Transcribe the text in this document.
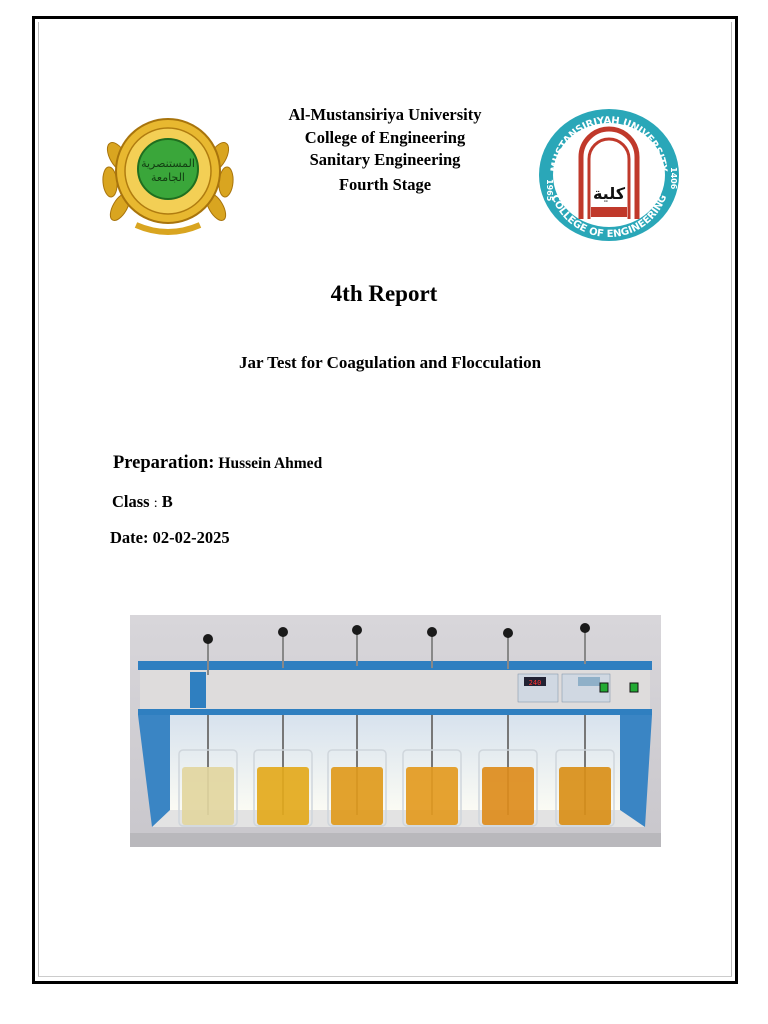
المستنصرية
الجامعة
MUSTANSIRIYAH UNIVERSITY
COLLEGE OF ENGINEERING
1965
1406
كلية
Al-Mustansiriya University
College of Engineering
Sanitary Engineering
Fourth Stage
4th Report
Jar Test for Coagulation and Flocculation
Preparation: Hussein Ahmed
Class : B
Date: 02-02-2025
240
